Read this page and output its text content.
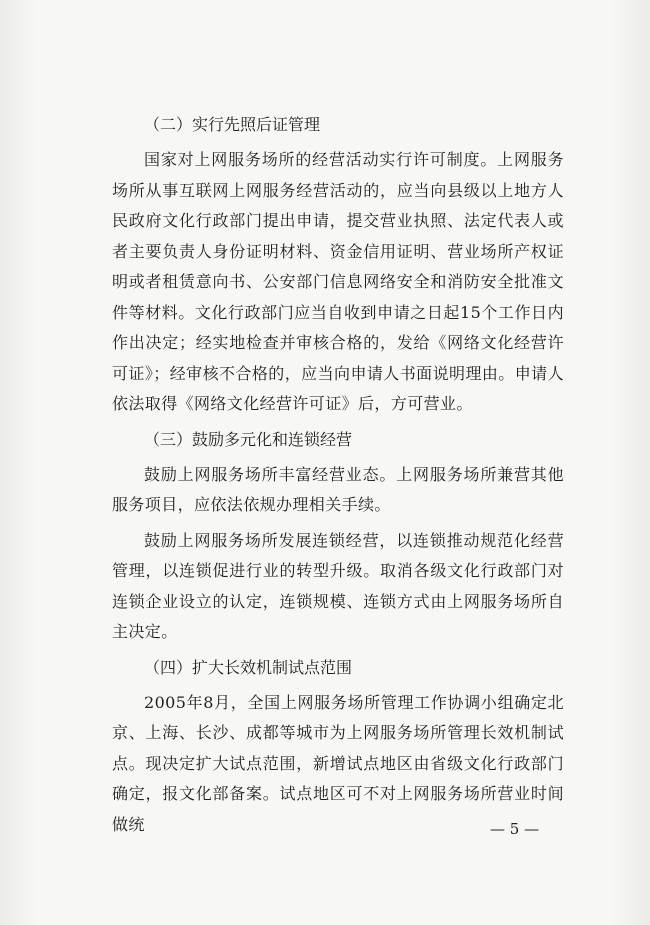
（二）实行先照后证管理

国家对上网服务场所的经营活动实行许可制度。上网服务场所从事互联网上网服务经营活动的，应当向县级以上地方人民政府文化行政部门提出申请，提交营业执照、法定代表人或者主要负责人身份证明材料、资金信用证明、营业场所产权证明或者租赁意向书、公安部门信息网络安全和消防安全批准文件等材料。文化行政部门应当自收到申请之日起15个工作日内作出决定；经实地检查并审核合格的，发给《网络文化经营许可证》；经审核不合格的，应当向申请人书面说明理由。申请人依法取得《网络文化经营许可证》后，方可营业。

（三）鼓励多元化和连锁经营

鼓励上网服务场所丰富经营业态。上网服务场所兼营其他服务项目，应依法依规办理相关手续。

鼓励上网服务场所发展连锁经营，以连锁推动规范化经营管理，以连锁促进行业的转型升级。取消各级文化行政部门对连锁企业设立的认定，连锁规模、连锁方式由上网服务场所自主决定。

（四）扩大长效机制试点范围

2005年8月，全国上网服务场所管理工作协调小组确定北京、上海、长沙、成都等城市为上网服务场所管理长效机制试点。现决定扩大试点范围，新增试点地区由省级文化行政部门确定，报文化部备案。试点地区可不对上网服务场所营业时间做统	— 5 —
